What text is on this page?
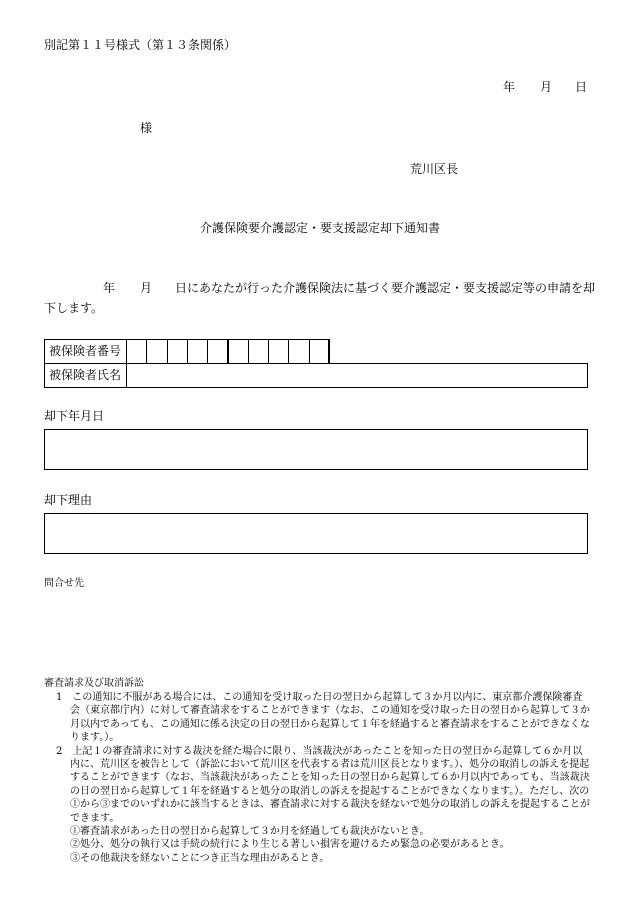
別記第１１号様式（第１３条関係）
年 月 日
様
荒川区長
介護保険要介護認定・要支援認定却下通知書
年 月 日にあなたが行った介護保険法に基づく要介護認定・要支援認定等の申請を却
下します。
被保険者番号
被保険者氏名
却下年月日
却下理由
問合せ先
審査請求及び取消訴訟
1　この通知に不服がある場合には、この通知を受け取った日の翌日から起算して３か月以内に、東京都介護保険審査
会（東京都庁内）に対して審査請求をすることができます（なお、この通知を受け取った日の翌日から起算して３か
月以内であっても、この通知に係る決定の日の翌日から起算して１年を経過すると審査請求をすることができなくな
ります。）。
2　上記１の審査請求に対する裁決を経た場合に限り、当該裁決があったことを知った日の翌日から起算して６か月以
内に、荒川区を被告として（訴訟において荒川区を代表する者は荒川区長となります。）、処分の取消しの訴えを提起
することができます（なお、当該裁決があったことを知った日の翌日から起算して６か月以内であっても、当該裁決
の日の翌日から起算して１年を経過すると処分の取消しの訴えを提起することができなくなります。）。ただし、次の
①から③までのいずれかに該当するときは、審査請求に対する裁決を経ないで処分の取消しの訴えを提起することが
できます。
①審査請求があった日の翌日から起算して３か月を経過しても裁決がないとき。
②処分、処分の執行又は手続の続行により生じる著しい損害を避けるため緊急の必要があるとき。
③その他裁決を経ないことにつき正当な理由があるとき。
